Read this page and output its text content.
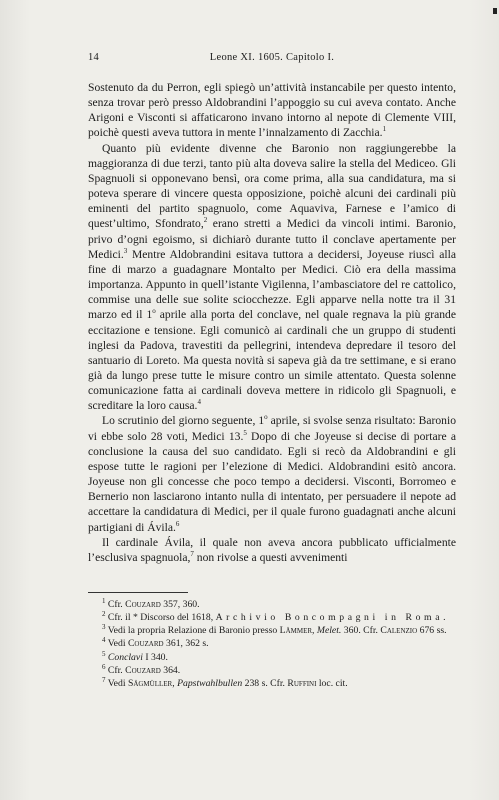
14	Leone XI. 1605. Capitolo I.

Sostenuto da du Perron, egli spiegò un’attività instancabile per questo intento, senza trovar però presso Aldobrandini l’appoggio su cui aveva contato. Anche Arigoni e Visconti si affaticarono invano intorno al nepote di Clemente VIII, poichè questi aveva tuttora in mente l’innalzamento di Zacchia.$^1$

Quanto più evidente divenne che Baronio non raggiungerebbe la maggioranza di due terzi, tanto più alta doveva salire la stella del Mediceo. Gli Spagnuoli si opponevano bensì, ora come prima, alla sua candidatura, ma si poteva sperare di vincere questa opposizione, poichè alcuni dei cardinali più eminenti del partito spagnuolo, come Aquaviva, Farnese e l’amico di quest’ultimo, Sfondrato,$^2$ erano stretti a Medici da vincoli intimi. Baronio, privo d’ogni egoismo, si dichiarò durante tutto il conclave apertamente per Medici.$^3$ Mentre Aldobrandini esitava tuttora a decidersi, Joyeuse riuscì alla fine di marzo a guadagnare Montalto per Medici. Ciò era della massima importanza. Appunto in quell’istante Vigilenna, l’ambasciatore del re cattolico, commise una delle sue solite sciocchezze. Egli apparve nella notte tra il 31 marzo ed il 1$^o$ aprile alla porta del conclave, nel quale regnava la più grande eccitazione e tensione. Egli comunicò ai cardinali che un gruppo di studenti inglesi da Padova, travestiti da pellegrini, intendeva depredare il tesoro del santuario di Loreto. Ma questa novità si sapeva già da tre settimane, e si erano già da lungo prese tutte le misure contro un simile attentato. Questa solenne comunicazione fatta ai cardinali doveva mettere in ridicolo gli Spagnuoli, e screditare la loro causa.$^4$

Lo scrutinio del giorno seguente, 1$^o$ aprile, si svolse senza risultato: Baronio vi ebbe solo 28 voti, Medici 13.$^5$ Dopo di che Joyeuse si decise di portare a conclusione la causa del suo candidato. Egli si recò da Aldobrandini e gli espose tutte le ragioni per l’elezione di Medici. Aldobrandini esitò ancora. Joyeuse non gli concesse che poco tempo a decidersi. Visconti, Borromeo e Bernerio non lasciarono intanto nulla di intentato, per persuadere il nepote ad accettare la candidatura di Medici, per il quale furono guadagnati anche alcuni partigiani di Ávila.$^6$

Il cardinale Ávila, il quale non aveva ancora pubblicato ufficialmente l’esclusiva spagnuola,$^7$ non rivolse a questi avvenimenti

$^1$ Cfr. Couzard 357, 360.

$^2$ Cfr. il * Discorso del 1618, Archivio Boncompagni in Roma.

$^3$ Vedi la propria Relazione di Baronio presso Lämmer, Melet. 360. Cfr. Calenzio 676 ss.

$^4$ Vedi Couzard 361, 362 s.

$^5$ Conclavi I 340.

$^6$ Cfr. Couzard 364.

$^7$ Vedi Sägmüller, Papstwahlbullen 238 s. Cfr. Ruffini loc. cit.
